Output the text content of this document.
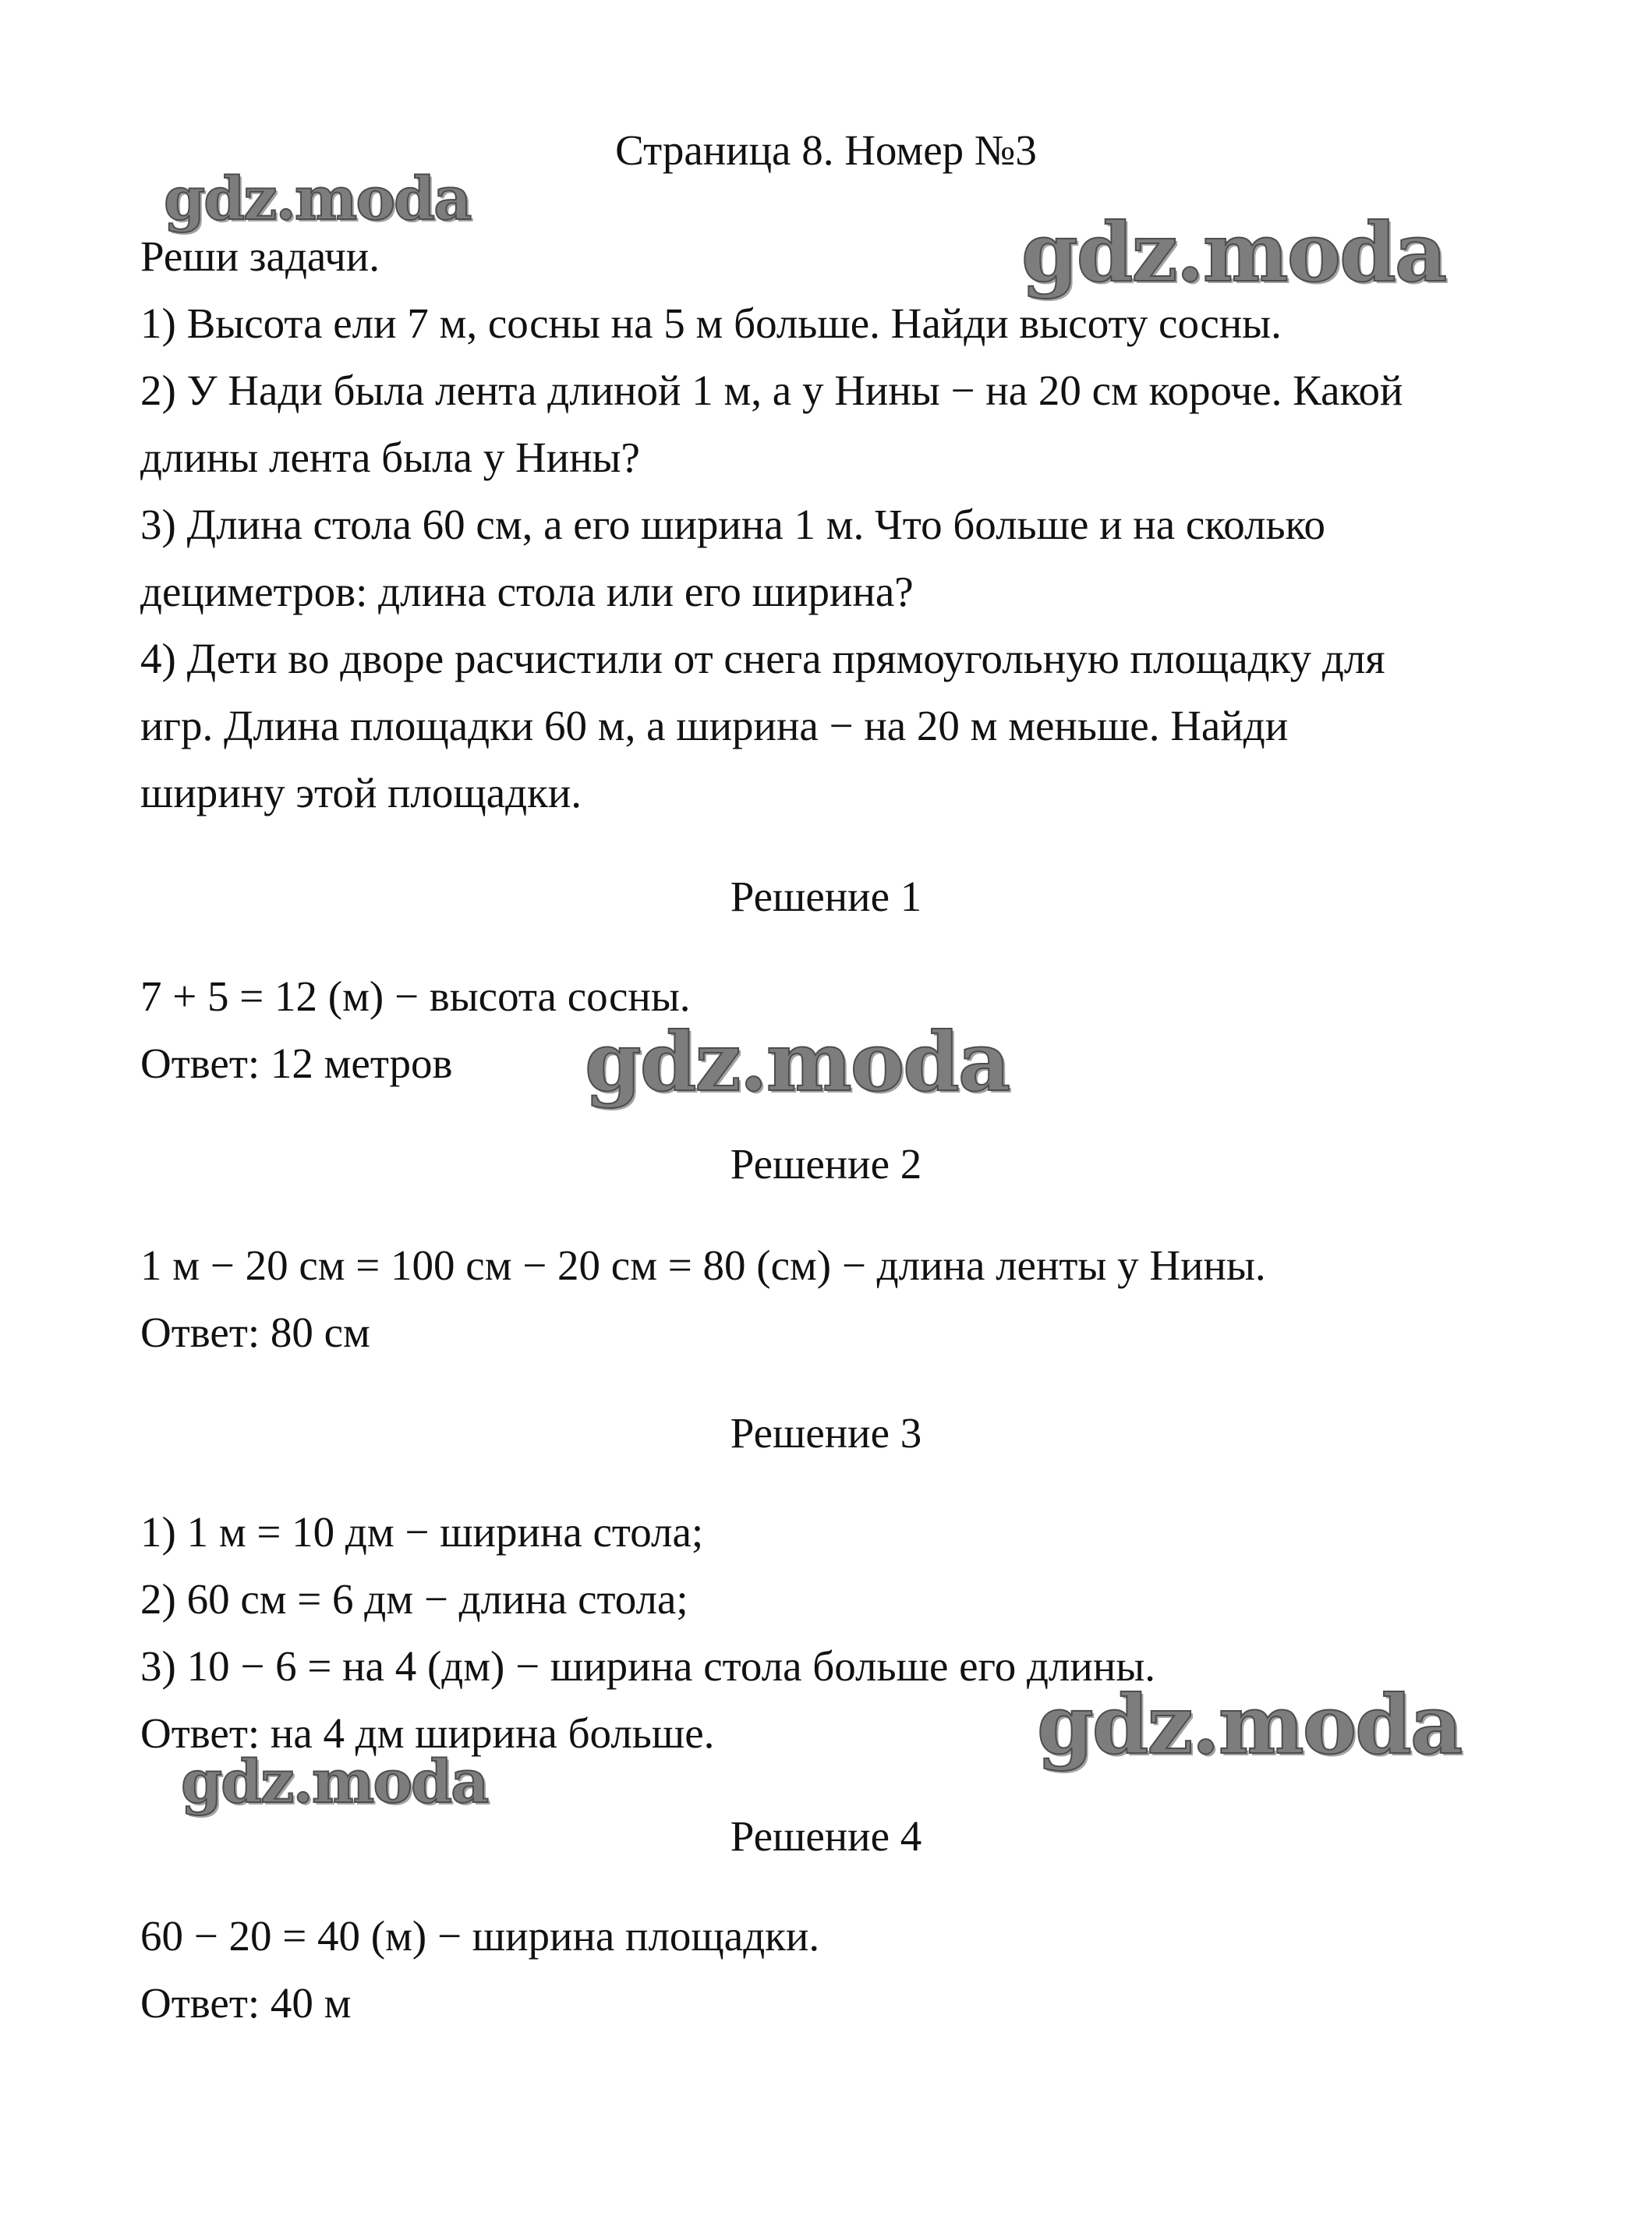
Страница 8. Номер №3
gdz.moda
gdz.moda
gdz.moda
gdz.moda
gdz.moda
Реши задачи.
1) Высота ели 7 м, сосны на 5 м больше. Найди высоту сосны.
2) У Нади была лента длиной 1 м, а у Нины − на 20 см короче. Какой
длины лента была у Нины?
3) Длина стола 60 см, а его ширина 1 м. Что больше и на сколько
дециметров: длина стола или его ширина?
4) Дети во дворе расчистили от снега прямоугольную площадку для
игр. Длина площадки 60 м, а ширина − на 20 м меньше. Найди
ширину этой площадки.
Решение 1
7 + 5 = 12 (м) − высота сосны.
Ответ: 12 метров
Решение 2
1 м − 20 см = 100 см − 20 см = 80 (см) − длина ленты у Нины.
Ответ: 80 см
Решение 3
1) 1 м = 10 дм − ширина стола;
2) 60 см = 6 дм − длина стола;
3) 10 − 6 = на 4 (дм) − ширина стола больше его длины.
Ответ: на 4 дм ширина больше.
Решение 4
60 − 20 = 40 (м) − ширина площадки.
Ответ: 40 м
